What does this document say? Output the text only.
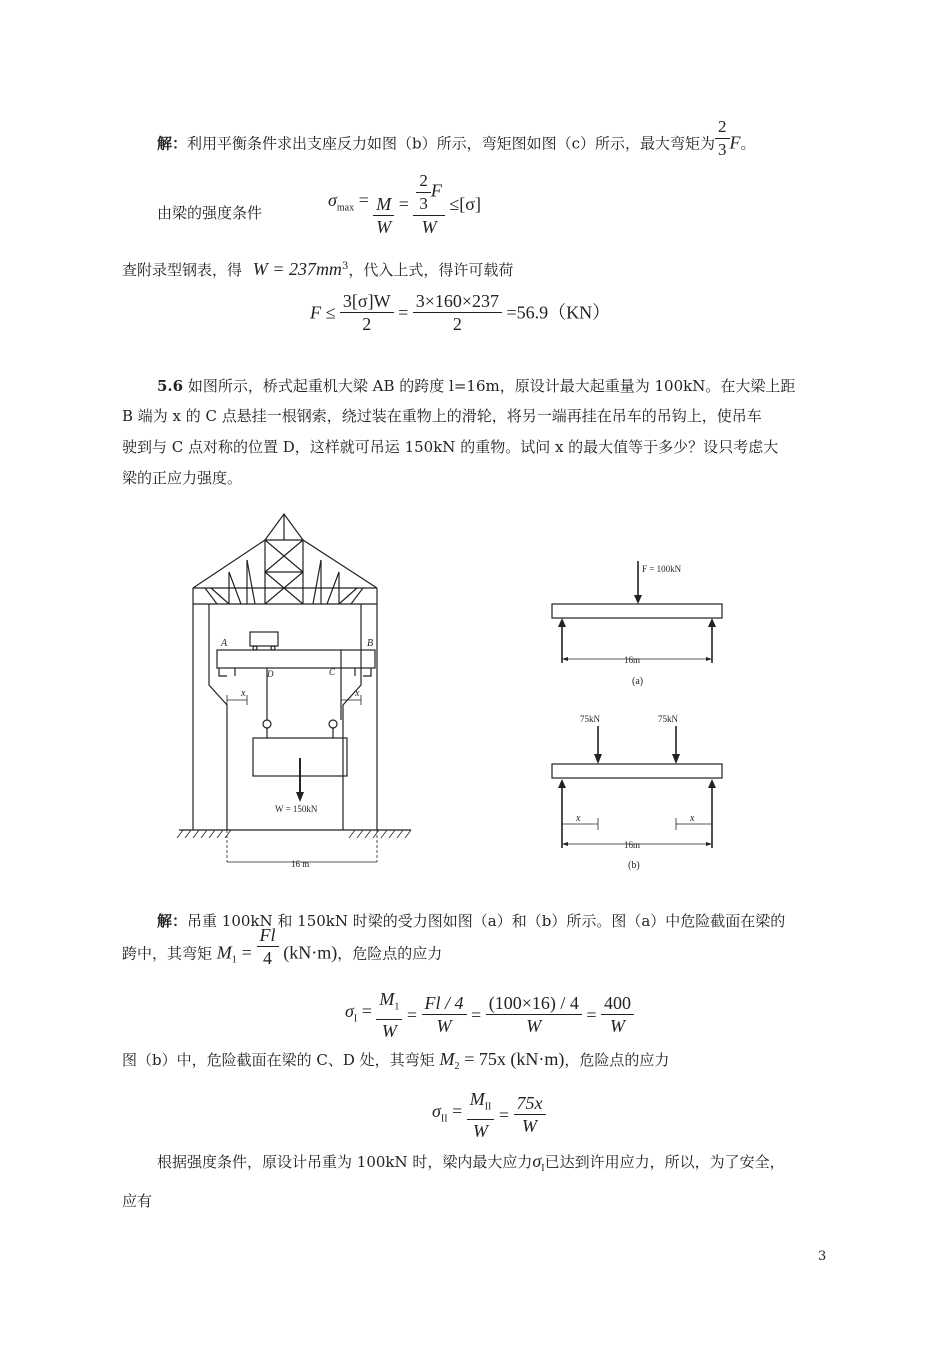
解：利用平衡条件求出支座反力如图（b）所示，弯矩图如图（c）所示，最大弯矩为 $\frac{2}{3}$ F。
由梁的强度条件
$\sigma_{max} = \frac{M}{W} = \frac{\frac{2}{3} F}{W} \le[\sigma]$
查附录型钢表，得 $W = 237mm^3$，代入上式，得许可载荷
$F \le \frac{3[\sigma]W}{2} = \frac{3\times 160\times 237}{2} =56.9(KN)$
5.6 如图所示，桥式起重机大梁 AB 的跨度 l=16m，原设计最大起重量为 100kN。在大梁上距
B 端为 x 的 C 点悬挂一根钢索，绕过装在重物上的滑轮，将另一端再挂在吊车的吊钩上，使吊车
驶到与 C 点对称的位置 D，这样就可吊运 150kN 的重物。试问 x 的最大值等于多少？设只考虑大
梁的正应力强度。
A	B
D	C
x	x
W = 150kN
16 m
F = 100kN
16m
(a)
75kN	75kN
x	x
16m
(b)
解：吊重 100kN 和 150kN 时梁的受力图如图（a）和（b）所示。图（a）中危险截面在梁的
跨中，其弯矩 $M_1 = \frac{Fl}{4} (kN\cdot m)$，危险点的应力
$\sigma_I = \frac{M_1}{W} = \frac{Fl / 4}{W} = \frac{(100\times 16) / 4}{W} = \frac{400}{W}$
图（b）中，危险截面在梁的 C、D 处，其弯矩 $M_2 = 75x$ (kN·m)，危险点的应力
$\sigma_{II} = \frac{M_{II}}{W} = \frac{75x}{W}$
根据强度条件，原设计吊重为 100kN 时，梁内最大应力$\sigma_I$已达到许用应力，所以，为了安全，
应有
3
